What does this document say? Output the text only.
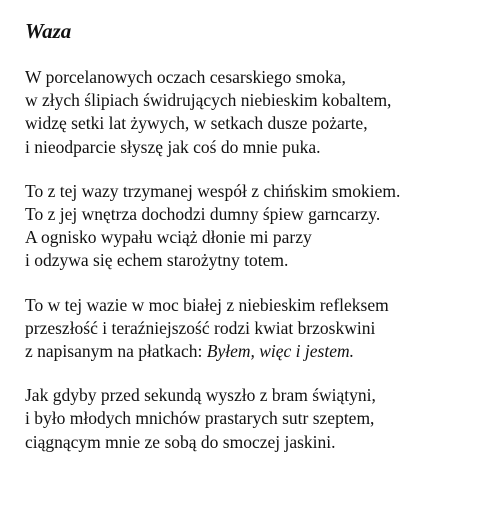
Waza
W porcelanowych oczach cesarskiego smoka,
w złych ślipiach świdrujących niebieskim kobaltem,
widzę setki lat żywych, w setkach dusze pożarte,
i nieodparcie słyszę jak coś do mnie puka.
To z tej wazy trzymanej wespół z chińskim smokiem.
To z jej wnętrza dochodzi dumny śpiew garncarzy.
A ognisko wypału wciąż dłonie mi parzy
i odzywa się echem starożytny totem.
To w tej wazie w moc białej z niebieskim refleksem
przeszłość i teraźniejszość rodzi kwiat brzoskwini
z napisanym na płatkach: Byłem, więc i jestem.
Jak gdyby przed sekundą wyszło z bram świątyni,
i było młodych mnichów prastarych sutr szeptem,
ciągnącym mnie ze sobą do smoczej jaskini.
